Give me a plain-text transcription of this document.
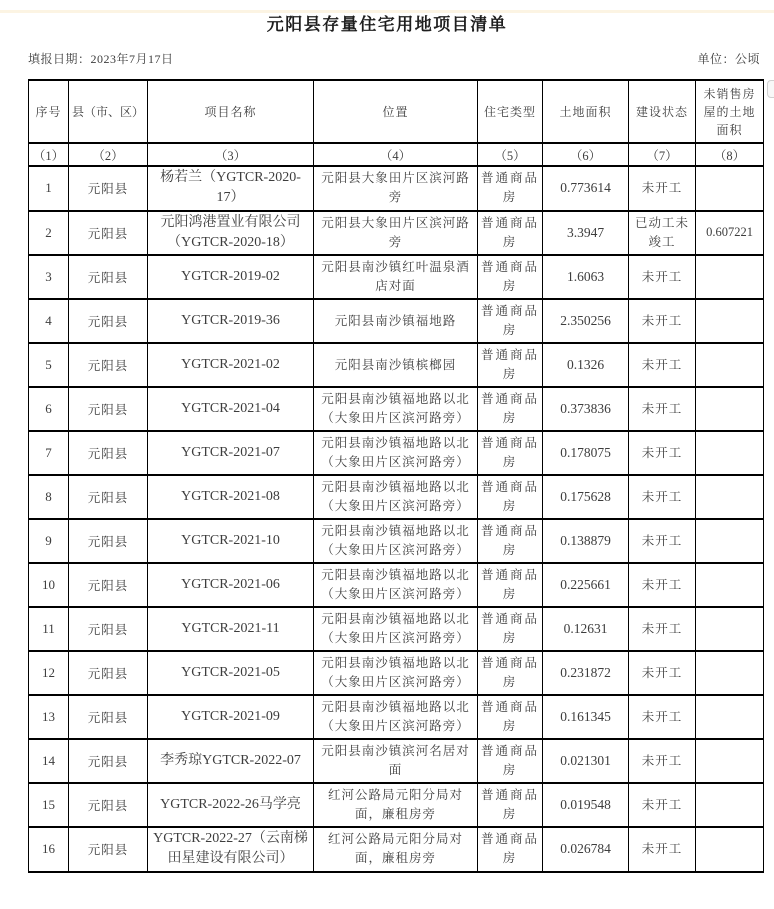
元阳县存量住宅用地项目清单
填报日期：2023年7月17日	单位：公顷
序号	县（市、区）	项目名称	位置	住宅类型	土地面积	建设状态	未销售房屋的土地面积
（1）	（2）	（3）	（4）	（5）	（6）	（7）	（8）
1	元阳县	杨若兰（YGTCR-2020-17）	元阳县大象田片区滨河路旁	普通商品房	0.773614	未开工	
2	元阳县	元阳鸿港置业有限公司（YGTCR-2020-18）	元阳县大象田片区滨河路旁	普通商品房	3.3947	已动工未竣工	0.607221
3	元阳县	YGTCR-2019-02	元阳县南沙镇红叶温泉酒店对面	普通商品房	1.6063	未开工	
4	元阳县	YGTCR-2019-36	元阳县南沙镇福地路	普通商品房	2.350256	未开工	
5	元阳县	YGTCR-2021-02	元阳县南沙镇槟榔园	普通商品房	0.1326	未开工	
6	元阳县	YGTCR-2021-04	元阳县南沙镇福地路以北（大象田片区滨河路旁）	普通商品房	0.373836	未开工	
7	元阳县	YGTCR-2021-07	元阳县南沙镇福地路以北（大象田片区滨河路旁）	普通商品房	0.178075	未开工	
8	元阳县	YGTCR-2021-08	元阳县南沙镇福地路以北（大象田片区滨河路旁）	普通商品房	0.175628	未开工	
9	元阳县	YGTCR-2021-10	元阳县南沙镇福地路以北（大象田片区滨河路旁）	普通商品房	0.138879	未开工	
10	元阳县	YGTCR-2021-06	元阳县南沙镇福地路以北（大象田片区滨河路旁）	普通商品房	0.225661	未开工	
11	元阳县	YGTCR-2021-11	元阳县南沙镇福地路以北（大象田片区滨河路旁）	普通商品房	0.12631	未开工	
12	元阳县	YGTCR-2021-05	元阳县南沙镇福地路以北（大象田片区滨河路旁）	普通商品房	0.231872	未开工	
13	元阳县	YGTCR-2021-09	元阳县南沙镇福地路以北（大象田片区滨河路旁）	普通商品房	0.161345	未开工	
14	元阳县	李秀琼YGTCR-2022-07	元阳县南沙镇滨河名居对面	普通商品房	0.021301	未开工	
15	元阳县	YGTCR-2022-26马学亮	红河公路局元阳分局对面，廉租房旁	普通商品房	0.019548	未开工	
16	元阳县	YGTCR-2022-27（云南梯田星建设有限公司）	红河公路局元阳分局对面，廉租房旁	普通商品房	0.026784	未开工	
